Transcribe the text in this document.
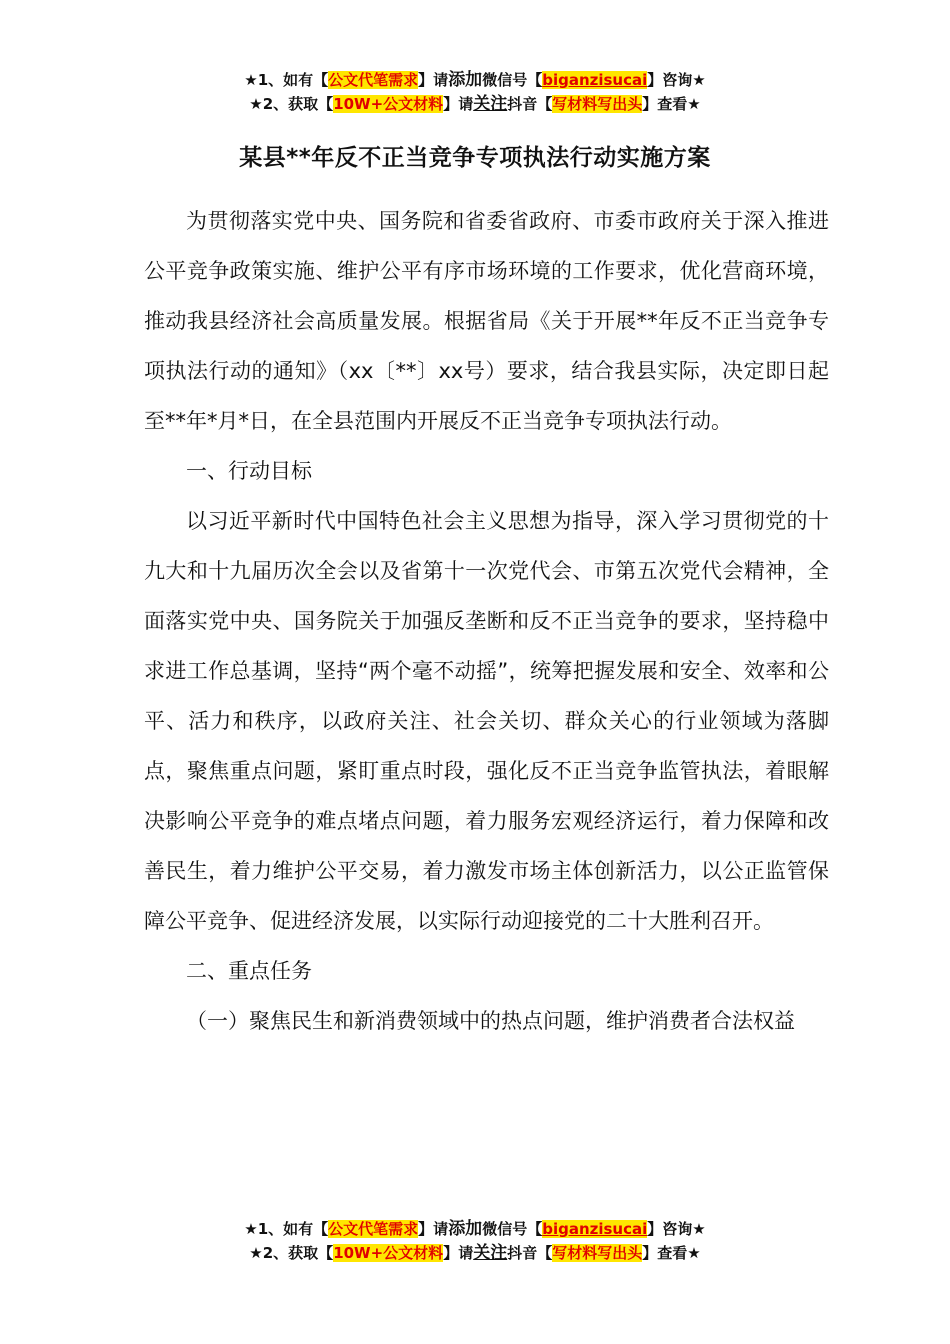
★1、如有【公文代笔需求】请添加微信号【biganzisucai】咨询★
★2、获取【10W+公文材料】请关注抖音【写材料写出头】查看★
某县**年反不正当竞争专项执法行动实施方案

为贯彻落实党中央、国务院和省委省政府、市委市政府关于深入推进公平竞争政策实施、维护公平有序市场环境的工作要求，优化营商环境，推动我县经济社会高质量发展。根据省局《关于开展**年反不正当竞争专项执法行动的通知》（xx〔**〕xx号）要求，结合我县实际，决定即日起至**年*月*日，在全县范围内开展反不正当竞争专项执法行动。

一、行动目标

以习近平新时代中国特色社会主义思想为指导，深入学习贯彻党的十九大和十九届历次全会以及省第十一次党代会、市第五次党代会精神，全面落实党中央、国务院关于加强反垄断和反不正当竞争的要求，坚持稳中求进工作总基调，坚持“两个毫不动摇”，统筹把握发展和安全、效率和公平、活力和秩序，以政府关注、社会关切、群众关心的行业领域为落脚点，聚焦重点问题，紧盯重点时段，强化反不正当竞争监管执法，着眼解决影响公平竞争的难点堵点问题，着力服务宏观经济运行，着力保障和改善民生，着力维护公平交易，着力激发市场主体创新活力，以公正监管保障公平竞争、促进经济发展，以实际行动迎接党的二十大胜利召开。

二、重点任务

（一）聚焦民生和新消费领域中的热点问题，维护消费者合法权益

★1、如有【公文代笔需求】请添加微信号【biganzisucai】咨询★
★2、获取【10W+公文材料】请关注抖音【写材料写出头】查看★
